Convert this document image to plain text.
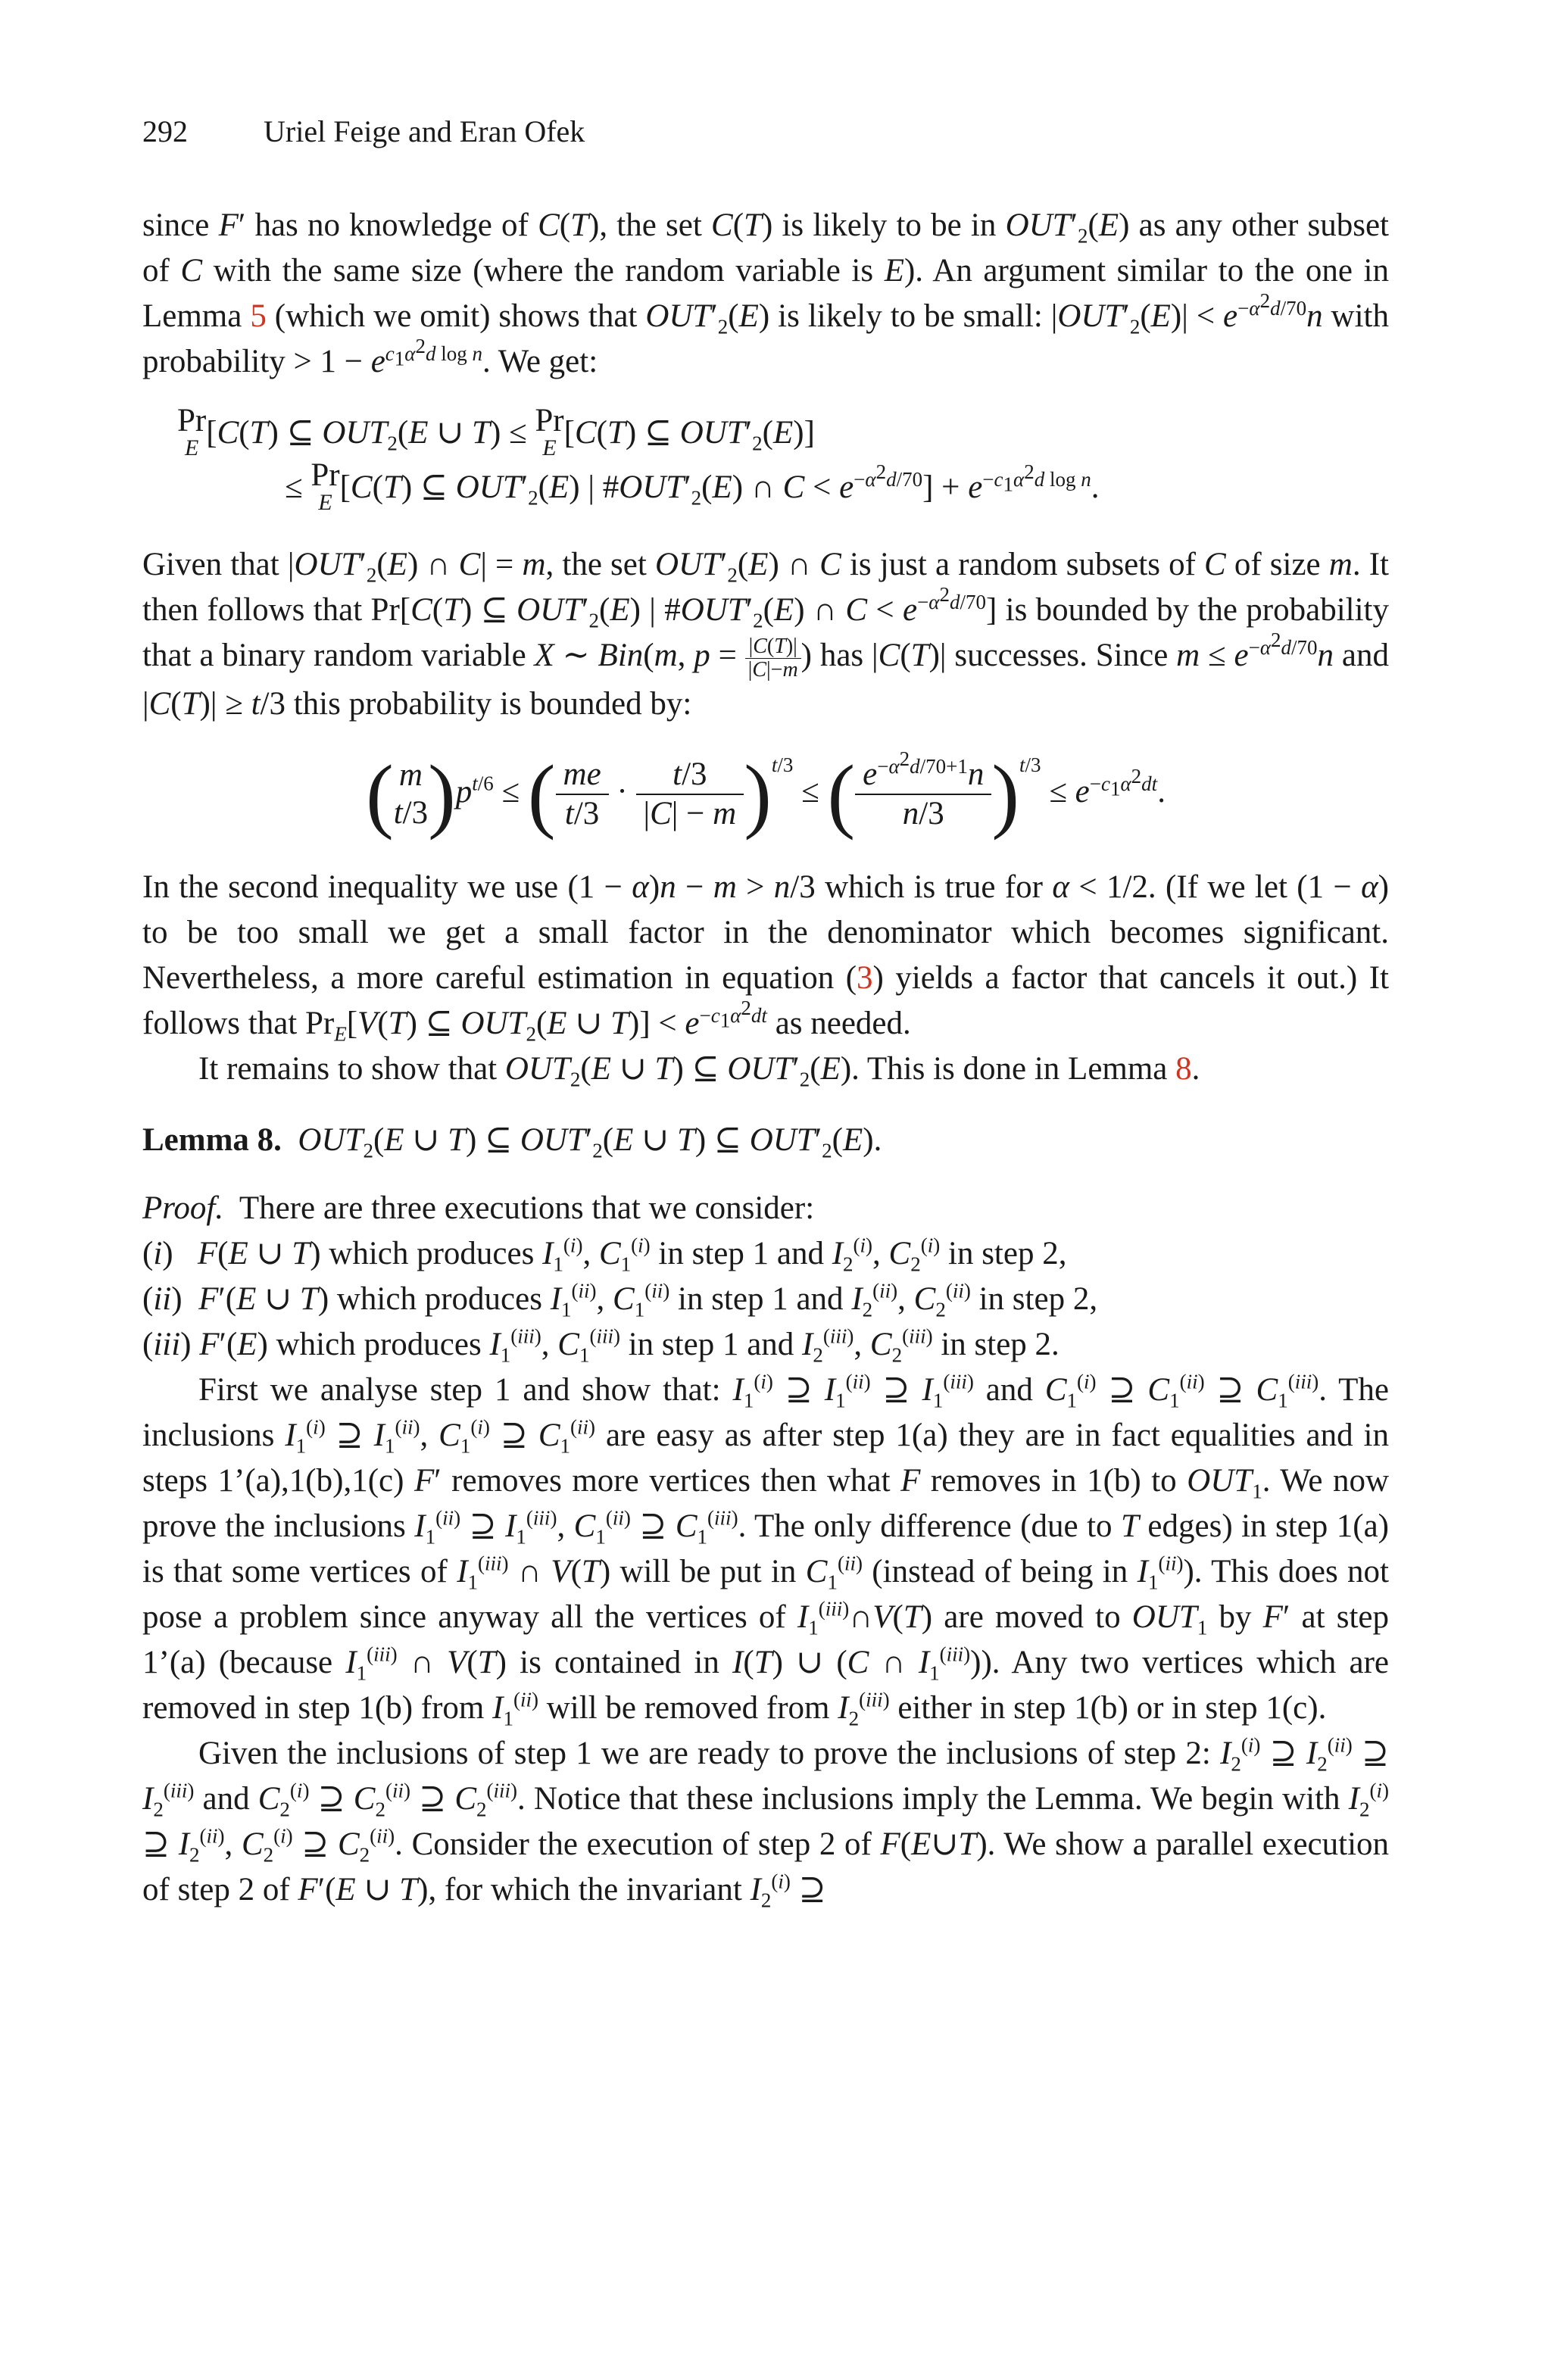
292	Uriel Feige and Eran Ofek

since F′ has no knowledge of C(T), the set C(T) is likely to be in $OUT'_2(E)$ as any other subset of C with the same size (where the random variable is E). An argument similar to the one in Lemma 5 (which we omit) shows that $OUT'_2(E)$ is likely to be small: $|OUT'_2(E)| < e^{-\alpha^2d/70}n$ with probability > $1 - e^{c_1\alpha^2d log n}$. We get:

Pr
E [C(T) ⊆ $OUT_2(E$ ∪ T) ≤ Pr
E [C(T) ⊆ $OUT'_2(E)$]
≤ Pr
E [C(T) ⊆ $OUT'_2(E)$ | $\#OUT'_2(E)$ ∩ $C < e^{-\alpha^2d/70}] + e^{-c_1\alpha^2d log n}$.

Given that $|OUT'_2(E)$ ∩ C| = m, the set $OUT'_2(E)$ ∩ C is just a random subsets of C of size m. It then follows that Pr[C(T) ⊆ $OUT'_2(E)$ | $\#OUT'_2(E)$ ∩ $C < e^{-\alpha^2d/70}$] is bounded by the probability that a binary random variable X ∼ Bin(m, $p = \frac{|C(T)|}{|C|-m}$ ) has |C(T)| successes. Since $m \le e^{-\alpha^2d/70}n$ and |C(T)| ≥ t/3 this probability is bounded by:

( m
t/3 )$p^{t/6}$ ≤ ( $\frac{me}{t/3} \cdot \frac{t/3}{|C| - m} )^{t/3}$ ≤ ( $\frac{e^{-\alpha^2d/70+1}n}{n/3} )^{t/3} \le e^{-c_1\alpha^2dt}$.

In the second inequality we use (1 − α)n − m > n/3 which is true for α < 1/2. (If we let (1 − α) to be too small we get a small factor in the denominator which becomes significant. Nevertheless, a more careful estimation in equation (3) yields a factor that cancels it out.) It follows that $Pr_E[V(T)$ ⊆ $OUT_2(E$ ∪ $T)] < e^{-c_1\alpha^2dt}$ as needed.

It remains to show that $OUT_2(E$ ∪ T) ⊆ $OUT'_2(E)$. This is done in Lemma 8.

Lemma 8. $OUT_2(E$ ∪ T) ⊆ $OUT'_2(E$ ∪ T) ⊆ $OUT'_2(E)$.

Proof.  There are three executions that we consider:

(i)   F(E ∪ T) which produces $I_1^{(i)}$, $C_1^{(i)}$ in step 1 and $I_2^{(i)}$, $C_2^{(i)}$ in step 2,
(ii)  F′(E ∪ T) which produces $I_1^{(ii)}$, $C_1^{(ii)}$ in step 1 and $I_2^{(ii)}$, $C_2^{(ii)}$ in step 2,
(iii) F′(E) which produces $I_1^{(iii)}$, $C_1^{(iii)}$ in step 1 and $I_2^{(iii)}$, $C_2^{(iii)}$ in step 2.

First we analyse step 1 and show that: $I_1^{(i)}$ ⊇ $I_1^{(ii)}$ ⊇ $I_1^{(iii)}$ and $C_1^{(i)}$ ⊇ $C_1^{(ii)}$ ⊇ $C_1^{(iii)}$. The inclusions $I_1^{(i)}$ ⊇ $I_1^{(ii)}$, $C_1^{(i)}$ ⊇ $C_1^{(ii)}$ are easy as after step 1(a) they are in fact equalities and in steps 1’(a),1(b),1(c) F′ removes more vertices then what F removes in 1(b) to $OUT_1$. We now prove the inclusions $I_1^{(ii)}$ ⊇ $I_1^{(iii)}$, $C_1^{(ii)}$ ⊇ $C_1^{(iii)}$. The only difference (due to T edges) in step 1(a) is that some vertices of $I_1^{(iii)}$ ∩ V(T) will be put in $C_1^{(ii)}$ (instead of being in $I_1^{(ii)}$). This does not pose a problem since anyway all the vertices of $I_1^{(iii)}\cap V(T)$ are moved to $OUT_1$ by F′ at step 1’(a) (because $I_1^{(iii)}$ ∩ V(T) is contained in I(T) ∪ (C ∩ $I_1^{(iii)}$)). Any two vertices which are removed in step 1(b) from $I_1^{(ii)}$ will be removed from $I_2^{(iii)}$ either in step 1(b) or in step 1(c).

Given the inclusions of step 1 we are ready to prove the inclusions of step 2: $I_2^{(i)}$ ⊇ $I_2^{(ii)}$ ⊇ $I_2^{(iii)}$ and $C_2^{(i)}$ ⊇ $C_2^{(ii)}$ ⊇ $C_2^{(iii)}$. Notice that these inclusions imply the Lemma. We begin with $I_2^{(i)}$ ⊇ $I_2^{(ii)}$, $C_2^{(i)}$ ⊇ $C_2^{(ii)}$. Consider the execution of step 2 of F(E∪T). We show a parallel execution of step 2 of F′(E ∪ T), for which the invariant $I_2^{(i)}$ ⊇
